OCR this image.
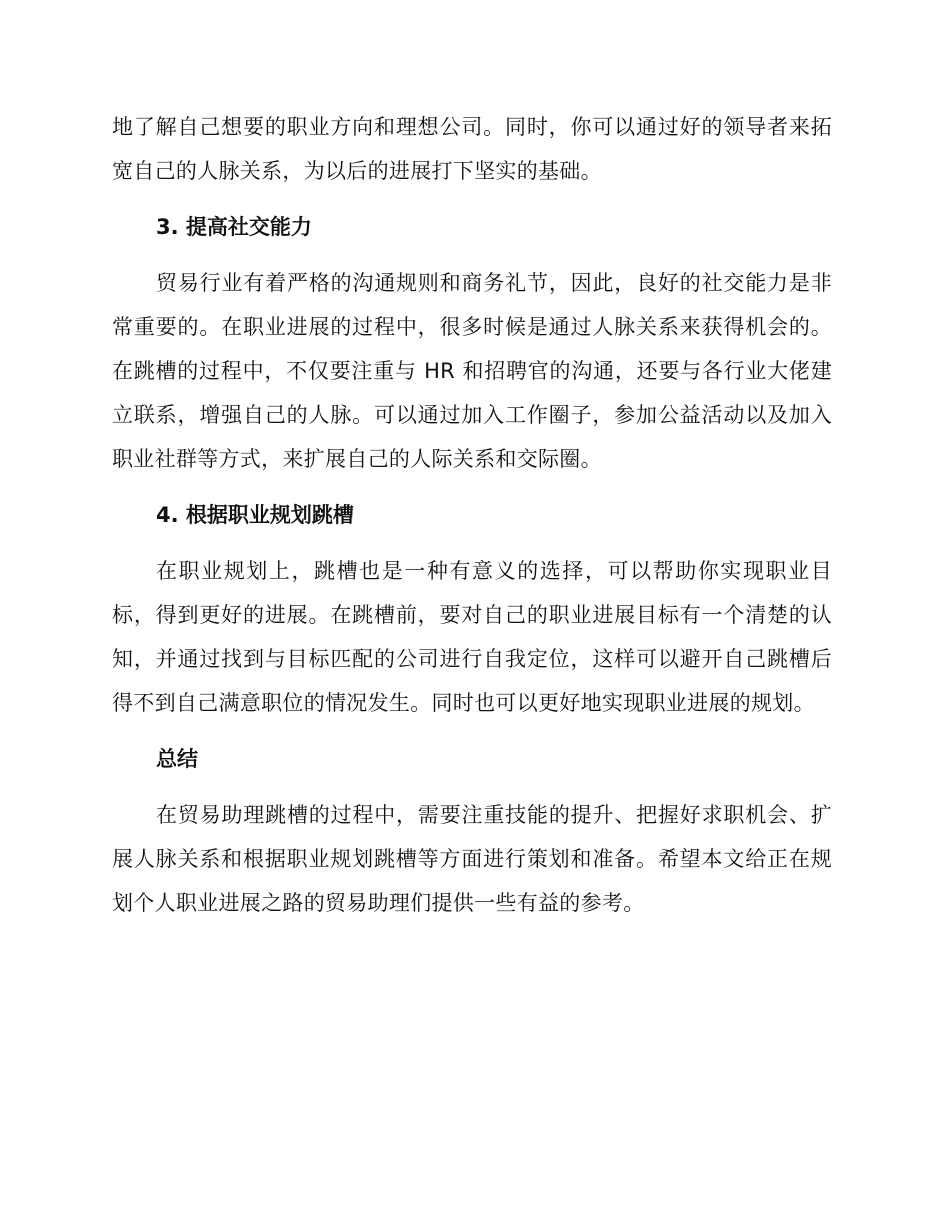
地了解自己想要的职业方向和理想公司。同时，你可以通过好的领导者来拓宽自己的人脉关系，为以后的进展打下坚实的基础。

3. 提高社交能力

贸易行业有着严格的沟通规则和商务礼节，因此，良好的社交能力是非常重要的。在职业进展的过程中，很多时候是通过人脉关系来获得机会的。在跳槽的过程中，不仅要注重与 HR 和招聘官的沟通，还要与各行业大佬建立联系，增强自己的人脉。可以通过加入工作圈子，参加公益活动以及加入职业社群等方式，来扩展自己的人际关系和交际圈。

4. 根据职业规划跳槽

在职业规划上，跳槽也是一种有意义的选择，可以帮助你实现职业目标，得到更好的进展。在跳槽前，要对自己的职业进展目标有一个清楚的认知，并通过找到与目标匹配的公司进行自我定位，这样可以避开自己跳槽后得不到自己满意职位的情况发生。同时也可以更好地实现职业进展的规划。

总结

在贸易助理跳槽的过程中，需要注重技能的提升、把握好求职机会、扩展人脉关系和根据职业规划跳槽等方面进行策划和准备。希望本文给正在规划个人职业进展之路的贸易助理们提供一些有益的参考。
